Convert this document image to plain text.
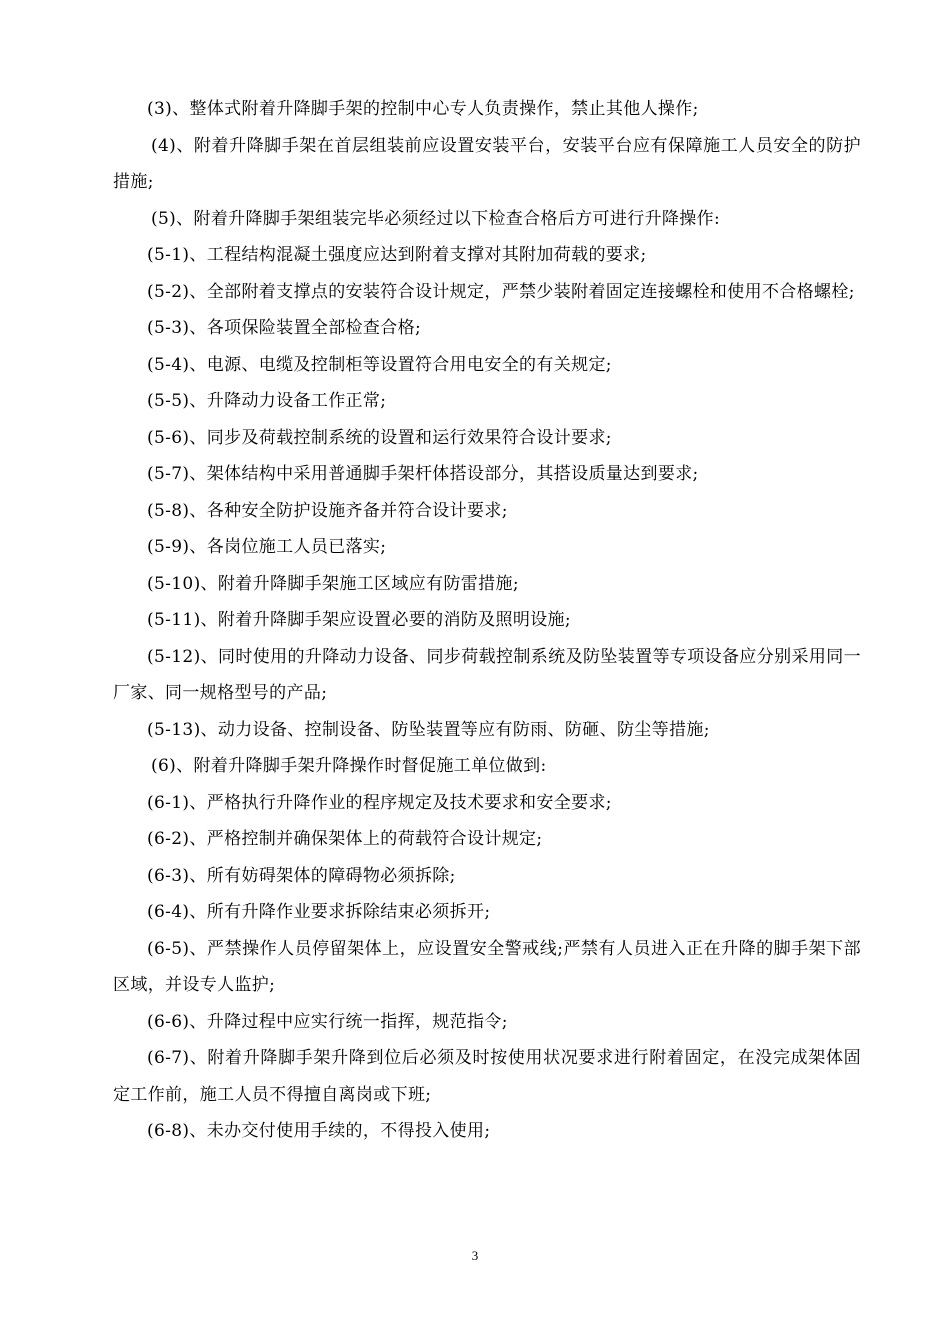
(3)、整体式附着升降脚手架的控制中心专人负责操作，禁止其他人操作;

(4)、附着升降脚手架在首层组装前应设置安装平台，安装平台应有保障施工人员安全的防护措施;

(5)、附着升降脚手架组装完毕必须经过以下检查合格后方可进行升降操作:

(5-1)、工程结构混凝土强度应达到附着支撑对其附加荷载的要求;

(5-2)、全部附着支撑点的安装符合设计规定，严禁少装附着固定连接螺栓和使用不合格螺栓;

(5-3)、各项保险装置全部检查合格;

(5-4)、电源、电缆及控制柜等设置符合用电安全的有关规定;

(5-5)、升降动力设备工作正常;

(5-6)、同步及荷载控制系统的设置和运行效果符合设计要求;

(5-7)、架体结构中采用普通脚手架杆体搭设部分，其搭设质量达到要求;

(5-8)、各种安全防护设施齐备并符合设计要求;

(5-9)、各岗位施工人员已落实;

(5-10)、附着升降脚手架施工区域应有防雷措施;

(5-11)、附着升降脚手架应设置必要的消防及照明设施;

(5-12)、同时使用的升降动力设备、同步荷载控制系统及防坠装置等专项设备应分别采用同一厂家、同一规格型号的产品;

(5-13)、动力设备、控制设备、防坠装置等应有防雨、防砸、防尘等措施;

(6)、附着升降脚手架升降操作时督促施工单位做到:

(6-1)、严格执行升降作业的程序规定及技术要求和安全要求;

(6-2)、严格控制并确保架体上的荷载符合设计规定;

(6-3)、所有妨碍架体的障碍物必须拆除;

(6-4)、所有升降作业要求拆除结束必须拆开;

(6-5)、严禁操作人员停留架体上，应设置安全警戒线;严禁有人员进入正在升降的脚手架下部区域，并设专人监护;

(6-6)、升降过程中应实行统一指挥，规范指令;

(6-7)、附着升降脚手架升降到位后必须及时按使用状况要求进行附着固定，在没完成架体固定工作前，施工人员不得擅自离岗或下班;

(6-8)、未办交付使用手续的，不得投入使用;

3
